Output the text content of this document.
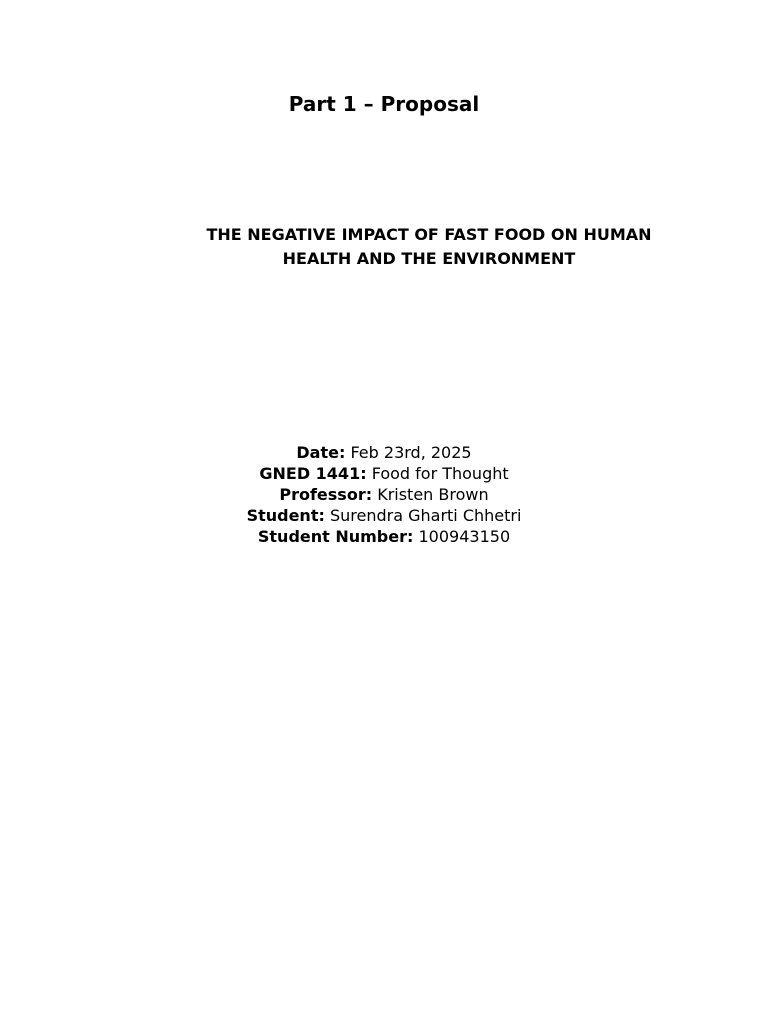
Part 1 – Proposal
THE NEGATIVE IMPACT OF FAST FOOD ON HUMAN
HEALTH AND THE ENVIRONMENT
Date: Feb 23rd, 2025
GNED 1441: Food for Thought
Professor: Kristen Brown
Student: Surendra Gharti Chhetri
Student Number: 100943150
